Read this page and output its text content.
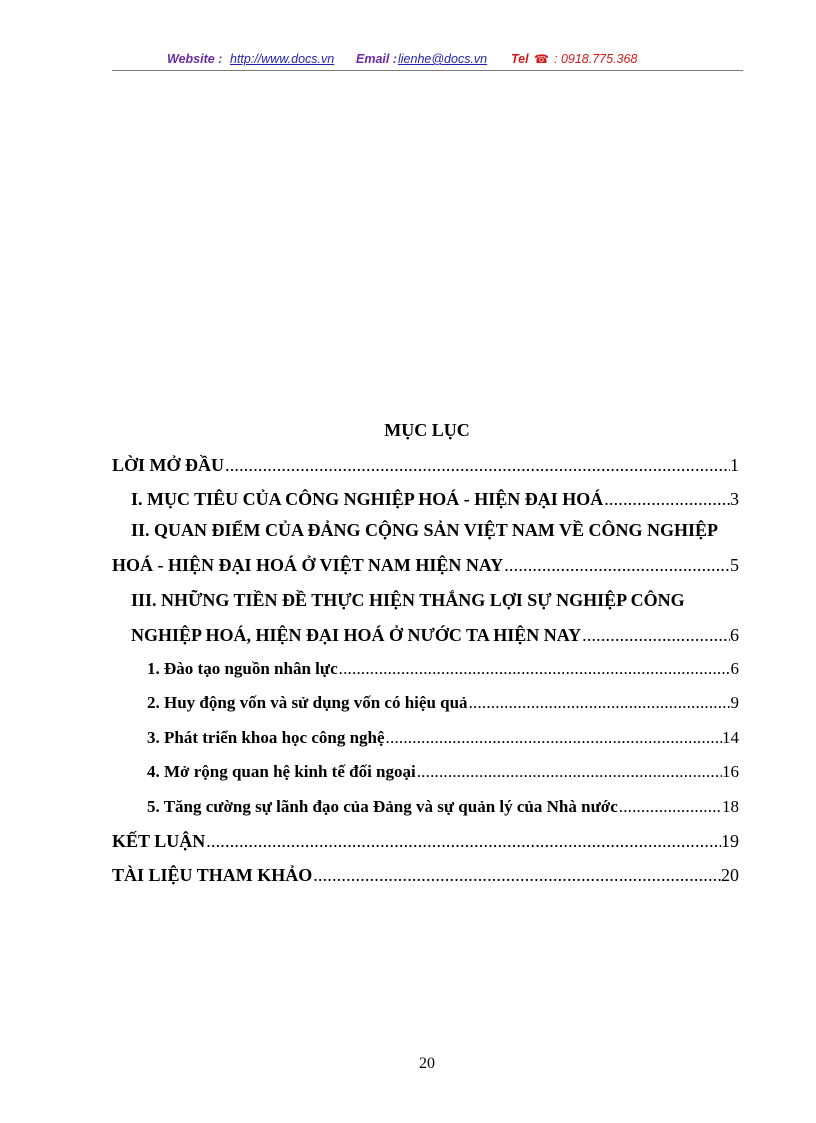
Website : http://www.docs.vn Email : lienhe@docs.vn Tel ☎ : 0918.775.368
MỤC LỤC
LỜI MỞ ĐẦU .....	1
I. MỤC TIÊU CỦA CÔNG NGHIỆP HOÁ - HIỆN ĐẠI HOÁ .....	3
II. QUAN ĐIỂM CỦA ĐẢNG CỘNG SẢN VIỆT NAM VỀ CÔNG NGHIỆP
HOÁ - HIỆN ĐẠI HOÁ Ở VIỆT NAM HIỆN NAY .....	5
III. NHỮNG TIỀN ĐỀ THỰC HIỆN THẮNG LỢI SỰ NGHIỆP CÔNG
NGHIỆP HOÁ, HIỆN ĐẠI HOÁ Ở NƯỚC TA HIỆN NAY .....	6
1. Đào tạo nguồn nhân lực .....	6
2. Huy động vốn và sử dụng vốn có hiệu quả .....	9
3. Phát triển khoa học công nghệ .....	14
4. Mở rộng quan hệ kinh tế đối ngoại .....	16
5. Tăng cường sự lãnh đạo của Đảng và sự quản lý của Nhà nước .....	18
KẾT LUẬN .....	19
TÀI LIỆU THAM KHẢO .....	20
20
